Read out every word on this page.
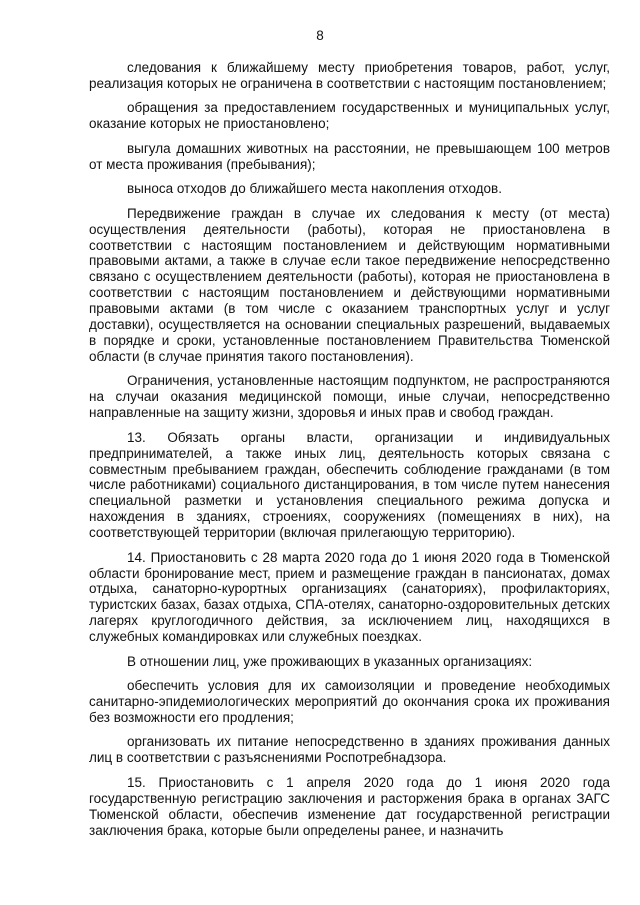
8

следования к ближайшему месту приобретения товаров, работ, услуг, реализация которых не ограничена в соответствии с настоящим постановлением;

обращения за предоставлением государственных и муниципальных услуг, оказание которых не приостановлено;

выгула домашних животных на расстоянии, не превышающем 100 метров от места проживания (пребывания);

выноса отходов до ближайшего места накопления отходов.

Передвижение граждан в случае их следования к месту (от места) осуществления деятельности (работы), которая не приостановлена в соответствии с настоящим постановлением и действующим нормативными правовыми актами, а также в случае если такое передвижение непосредственно связано с осуществлением деятельности (работы), которая не приостановлена в соответствии с настоящим постановлением и действующими нормативными правовыми актами (в том числе с оказанием транспортных услуг и услуг доставки), осуществляется на основании специальных разрешений, выдаваемых в порядке и сроки, установленные постановлением Правительства Тюменской области (в случае принятия такого постановления).

Ограничения, установленные настоящим подпунктом, не распространяются на случаи оказания медицинской помощи, иные случаи, непосредственно направленные на защиту жизни, здоровья и иных прав и свобод граждан.

13. Обязать органы власти, организации и индивидуальных предпринимателей, а также иных лиц, деятельность которых связана с совместным пребыванием граждан, обеспечить соблюдение гражданами (в том числе работниками) социального дистанцирования, в том числе путем нанесения специальной разметки и установления специального режима допуска и нахождения в зданиях, строениях, сооружениях (помещениях в них), на соответствующей территории (включая прилегающую территорию).

14. Приостановить с 28 марта 2020 года до 1 июня 2020 года в Тюменской области бронирование мест, прием и размещение граждан в пансионатах, домах отдыха, санаторно-курортных организациях (санаториях), профилакториях, туристских базах, базах отдыха, СПА-отелях, санаторно-оздоровительных детских лагерях круглогодичного действия, за исключением лиц, находящихся в служебных командировках или служебных поездках.

В отношении лиц, уже проживающих в указанных организациях:

обеспечить условия для их самоизоляции и проведение необходимых санитарно-эпидемиологических мероприятий до окончания срока их проживания без возможности его продления;

организовать их питание непосредственно в зданиях проживания данных лиц в соответствии с разъяснениями Роспотребнадзора.

15. Приостановить с 1 апреля 2020 года до 1 июня 2020 года государственную регистрацию заключения и расторжения брака в органах ЗАГС Тюменской области, обеспечив изменение дат государственной регистрации заключения брака, которые были определены ранее, и назначить
